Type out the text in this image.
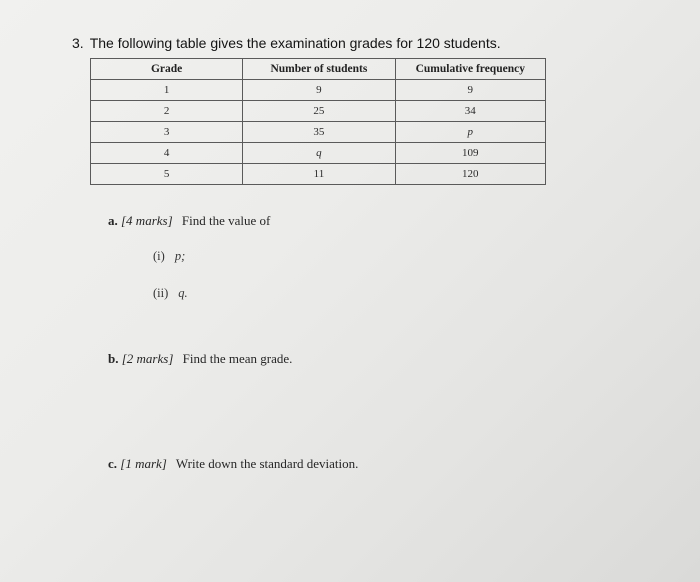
3. The following table gives the examination grades for 120 students.
Grade	Number of students	Cumulative frequency
1	9	9
2	25	34
3	35	p
4	q	109
5	11	120
a. [4 marks] Find the value of
(i) p;
(ii) q.
b. [2 marks] Find the mean grade.
c. [1 mark] Write down the standard deviation.
